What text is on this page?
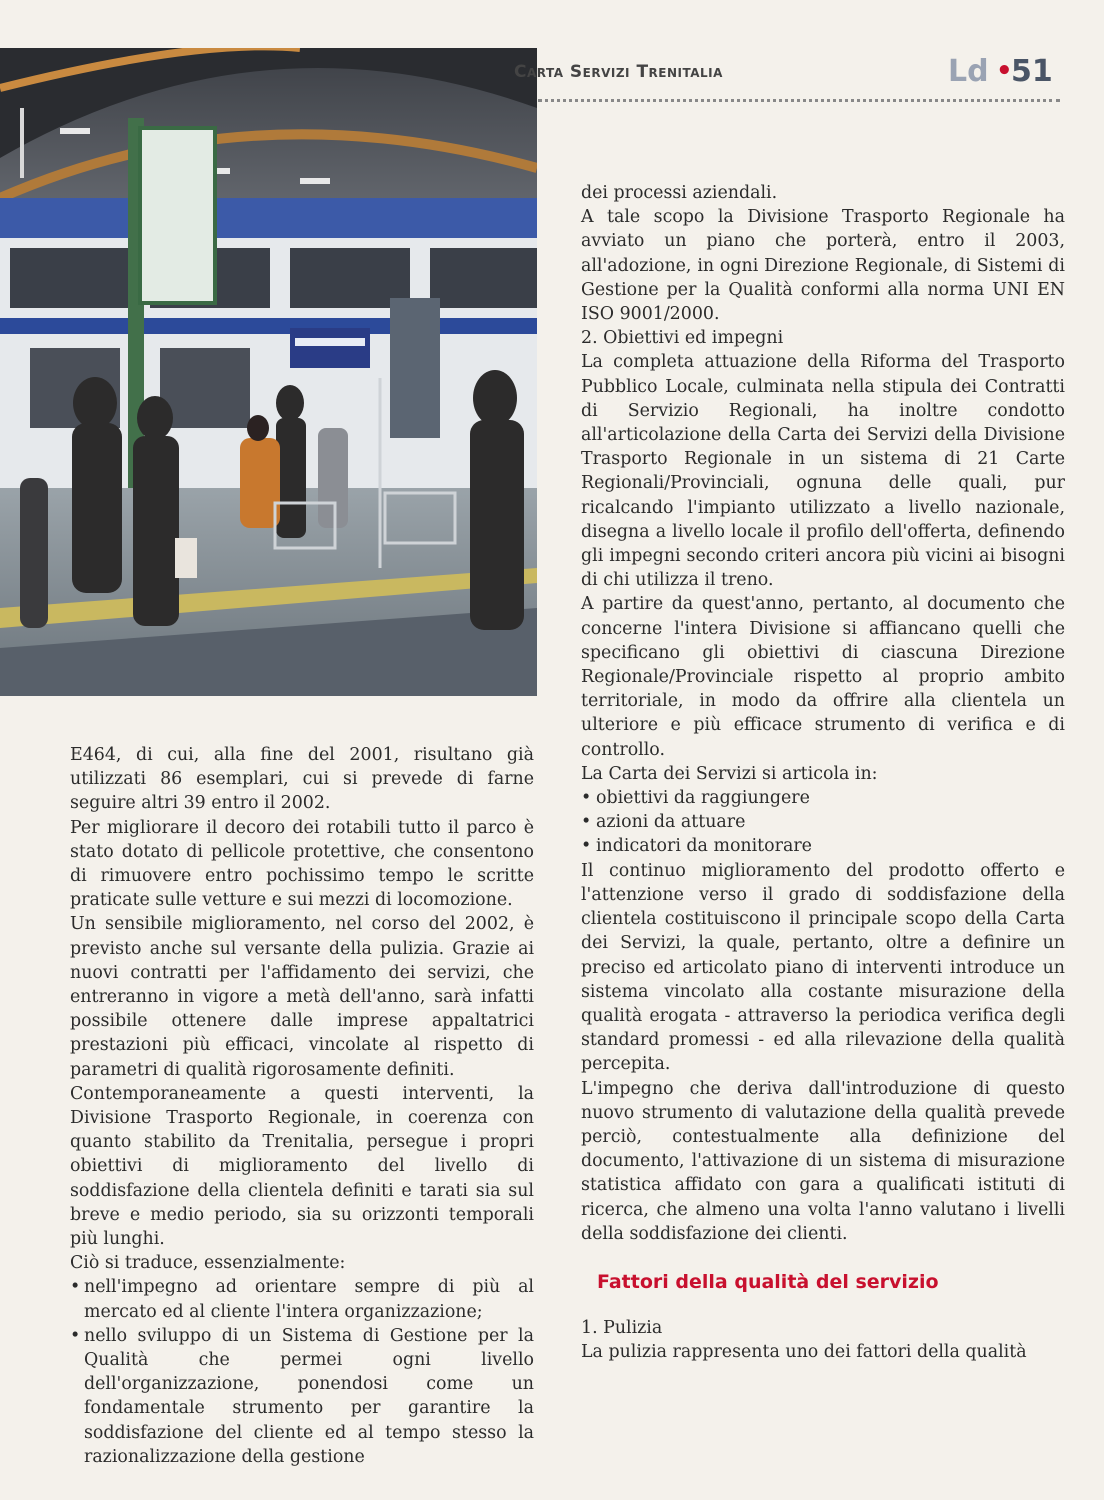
Carta Servizi Trenitalia	Ld •
51

E464, di cui, alla fine del 2001, risultano già utilizzati 86 esemplari, cui si prevede di farne seguire altri 39 entro il 2002.

Per migliorare il decoro dei rotabili tutto il parco è stato dotato di pellicole protettive, che consentono di rimuovere entro pochissimo tempo le scritte praticate sulle vetture e sui mezzi di locomozione.

Un sensibile miglioramento, nel corso del 2002, è previsto anche sul versante della pulizia. Grazie ai nuovi contratti per l'affidamento dei servizi, che entreranno in vigore a metà dell'anno, sarà infatti possibile ottenere dalle imprese appaltatrici prestazioni più efficaci, vincolate al rispetto di parametri di qualità rigorosamente definiti.

Contemporaneamente a questi interventi, la Divisione Trasporto Regionale, in coerenza con quanto stabilito da Trenitalia, persegue i propri obiettivi di miglioramento del livello di soddisfazione della clientela definiti e tarati sia sul breve e medio periodo, sia su orizzonti temporali più lunghi.

Ciò si traduce, essenzialmente:

• nell'impegno ad orientare sempre di più al mercato ed al cliente l'intera organizzazione;
• nello sviluppo di un Sistema di Gestione per la Qualità che permei ogni livello dell'organizzazione, ponendosi come un fondamentale strumento per garantire la soddisfazione del cliente ed al tempo stesso la razionalizzazione della gestione

dei processi aziendali.

A tale scopo la Divisione Trasporto Regionale ha avviato un piano che porterà, entro il 2003, all'adozione, in ogni Direzione Regionale, di Sistemi di Gestione per la Qualità conformi alla norma UNI EN ISO 9001/2000.

2. Obiettivi ed impegni

La completa attuazione della Riforma del Trasporto Pubblico Locale, culminata nella stipula dei Contratti di Servizio Regionali, ha inoltre condotto all'articolazione della Carta dei Servizi della Divisione Trasporto Regionale in un sistema di 21 Carte Regionali/Provinciali, ognuna delle quali, pur ricalcando l'impianto utilizzato a livello nazionale, disegna a livello locale il profilo dell'offerta, definendo gli impegni secondo criteri ancora più vicini ai bisogni di chi utilizza il treno.

A partire da quest'anno, pertanto, al documento che concerne l'intera Divisione si affiancano quelli che specificano gli obiettivi di ciascuna Direzione Regionale/Provinciale rispetto al proprio ambito territoriale, in modo da offrire alla clientela un ulteriore e più efficace strumento di verifica e di controllo.

La Carta dei Servizi si articola in:

• obiettivi da raggiungere
• azioni da attuare
• indicatori da monitorare

Il continuo miglioramento del prodotto offerto e l'attenzione verso il grado di soddisfazione della clientela costituiscono il principale scopo della Carta dei Servizi, la quale, pertanto, oltre a definire un preciso ed articolato piano di interventi introduce un sistema vincolato alla costante misurazione della qualità erogata - attraverso la periodica verifica degli standard promessi - ed alla rilevazione della qualità percepita.

L'impegno che deriva dall'introduzione di questo nuovo strumento di valutazione della qualità prevede perciò, contestualmente alla definizione del documento, l'attivazione di un sistema di misurazione statistica affidato con gara a qualificati istituti di ricerca, che almeno una volta l'anno valutano i livelli della soddisfazione dei clienti.

Fattori della qualità del servizio

1. Pulizia

La pulizia rappresenta uno dei fattori della qualità
